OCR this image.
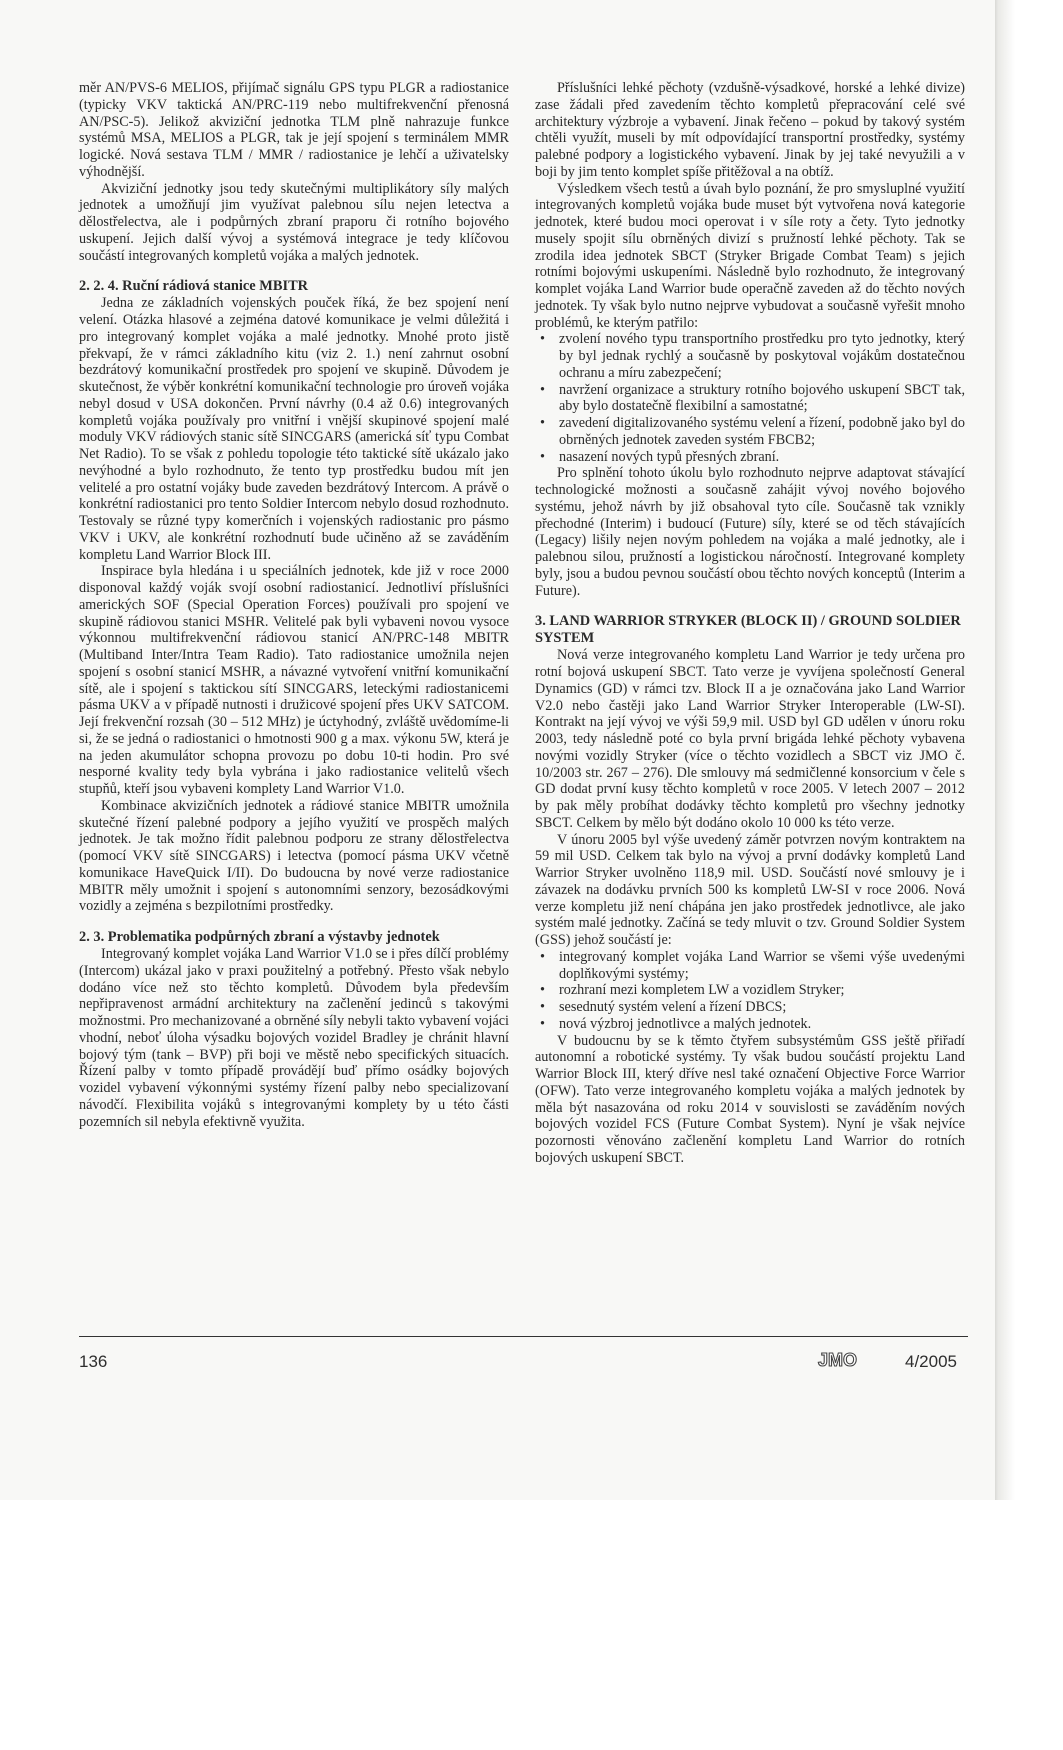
měr AN/PVS-6 MELIOS, přijímač signálu GPS typu PLGR a radiostanice (typicky VKV taktická AN/PRC-119 nebo multifrekvenční přenosná AN/PSC-5). Jelikož akviziční jednotka TLM plně nahrazuje funkce systémů MSA, MELIOS a PLGR, tak je její spojení s terminálem MMR logické. Nová sestava TLM / MMR / radiostanice je lehčí a uživatelsky výhodnější.

Akviziční jednotky jsou tedy skutečnými multiplikátory síly malých jednotek a umožňují jim využívat palebnou sílu nejen letectva a dělostřelectva, ale i podpůrných zbraní praporu či rotního bojového uskupení. Jejich další vývoj a systémová integrace je tedy klíčovou součástí integrovaných kompletů vojáka a malých jednotek.

2. 2. 4. Ruční rádiová stanice MBITR

Jedna ze základních vojenských pouček říká, že bez spojení není velení. Otázka hlasové a zejména datové komunikace je velmi důležitá i pro integrovaný komplet vojáka a malé jednotky. Mnohé proto jistě překvapí, že v rámci základního kitu (viz 2. 1.) není zahrnut osobní bezdrátový komunikační prostředek pro spojení ve skupině. Důvodem je skutečnost, že výběr konkrétní komunikační technologie pro úroveň vojáka nebyl dosud v USA dokončen. První návrhy (0.4 až 0.6) integrovaných kompletů vojáka používaly pro vnitřní i vnější skupinové spojení malé moduly VKV rádiových stanic sítě SINCGARS (americká síť typu Combat Net Radio). To se však z pohledu topologie této taktické sítě ukázalo jako nevýhodné a bylo rozhodnuto, že tento typ prostředku budou mít jen velitelé a pro ostatní vojáky bude zaveden bezdrátový Intercom. A právě o konkrétní radiostanici pro tento Soldier Intercom nebylo dosud rozhodnuto. Testovaly se různé typy komerčních i vojenských radiostanic pro pásmo VKV i UKV, ale konkrétní rozhodnutí bude učiněno až se zaváděním kompletu Land Warrior Block III.

Inspirace byla hledána i u speciálních jednotek, kde již v roce 2000 disponoval každý voják svojí osobní radiostanicí. Jednotliví příslušníci amerických SOF (Special Operation Forces) používali pro spojení ve skupině rádiovou stanici MSHR. Velitelé pak byli vybaveni novou vysoce výkonnou multifrekvenční rádiovou stanicí AN/PRC-148 MBITR (Multiband Inter/Intra Team Radio). Tato radiostanice umožnila nejen spojení s osobní stanicí MSHR, a návazné vytvoření vnitřní komunikační sítě, ale i spojení s taktickou sítí SINCGARS, leteckými radiostanicemi pásma UKV a v případě nutnosti i družicové spojení přes UKV SATCOM. Její frekvenční rozsah (30 – 512 MHz) je úctyhodný, zvláště uvědomíme-li si, že se jedná o radiostanici o hmotnosti 900 g a max. výkonu 5W, která je na jeden akumulátor schopna provozu po dobu 10-ti hodin. Pro své nesporné kvality tedy byla vybrána i jako radiostanice velitelů všech stupňů, kteří jsou vybaveni komplety Land Warrior V1.0.

Kombinace akvizičních jednotek a rádiové stanice MBITR umožnila skutečné řízení palebné podpory a jejího využití ve prospěch malých jednotek. Je tak možno řídit palebnou podporu ze strany dělostřelectva (pomocí VKV sítě SINCGARS) i letectva (pomocí pásma UKV včetně komunikace HaveQuick I/II). Do budoucna by nové verze radiostanice MBITR měly umožnit i spojení s autonomními senzory, bezosádkovými vozidly a zejména s bezpilotními prostředky.

2. 3. Problematika podpůrných zbraní a výstavby jednotek

Integrovaný komplet vojáka Land Warrior V1.0 se i přes dílčí problémy (Intercom) ukázal jako v praxi použitelný a potřebný. Přesto však nebylo dodáno více než sto těchto kompletů. Důvodem byla především nepřipravenost armádní architektury na začlenění jedinců s takovými možnostmi. Pro mechanizované a obrněné síly nebyli takto vybavení vojáci vhodní, neboť úloha výsadku bojových vozidel Bradley je chránit hlavní bojový tým (tank – BVP) při boji ve městě nebo specifických situacích. Řízení palby v tomto případě provádějí buď přímo osádky bojových vozidel vybavení výkonnými systémy řízení palby nebo specializovaní návodčí. Flexibilita vojáků s integrovanými komplety by u této části pozemních sil nebyla efektivně využita.

Příslušníci lehké pěchoty (vzdušně-výsadkové, horské a lehké divize) zase žádali před zavedením těchto kompletů přepracování celé své architektury výzbroje a vybavení. Jinak řečeno – pokud by takový systém chtěli využít, museli by mít odpovídající transportní prostředky, systémy palebné podpory a logistického vybavení. Jinak by jej také nevyužili a v boji by jim tento komplet spíše přitěžoval a na obtíž.

Výsledkem všech testů a úvah bylo poznání, že pro smysluplné využití integrovaných kompletů vojáka bude muset být vytvořena nová kategorie jednotek, které budou moci operovat i v síle roty a čety. Tyto jednotky musely spojit sílu obrněných divizí s pružností lehké pěchoty. Tak se zrodila idea jednotek SBCT (Stryker Brigade Combat Team) s jejich rotními bojovými uskupeními. Následně bylo rozhodnuto, že integrovaný komplet vojáka Land Warrior bude operačně zaveden až do těchto nových jednotek. Ty však bylo nutno nejprve vybudovat a současně vyřešit mnoho problémů, ke kterým patřilo:

• zvolení nového typu transportního prostředku pro tyto jednotky, který by byl jednak rychlý a současně by poskytoval vojákům dostatečnou ochranu a míru zabezpečení;
• navržení organizace a struktury rotního bojového uskupení SBCT tak, aby bylo dostatečně flexibilní a samostatné;
• zavedení digitalizovaného systému velení a řízení, podobně jako byl do obrněných jednotek zaveden systém FBCB2;
• nasazení nových typů přesných zbraní.

Pro splnění tohoto úkolu bylo rozhodnuto nejprve adaptovat stávající technologické možnosti a současně zahájit vývoj nového bojového systému, jehož návrh by již obsahoval tyto cíle. Současně tak vznikly přechodné (Interim) i budoucí (Future) síly, které se od těch stávajících (Legacy) lišily nejen novým pohledem na vojáka a malé jednotky, ale i palebnou silou, pružností a logistickou náročností. Integrované komplety byly, jsou a budou pevnou součástí obou těchto nových konceptů (Interim a Future).

3. LAND WARRIOR STRYKER (BLOCK II) / GROUND SOLDIER SYSTEM

Nová verze integrovaného kompletu Land Warrior je tedy určena pro rotní bojová uskupení SBCT. Tato verze je vyvíjena společností General Dynamics (GD) v rámci tzv. Block II a je označována jako Land Warrior V2.0 nebo častěji jako Land Warrior Stryker Interoperable (LW-SI). Kontrakt na její vývoj ve výši 59,9 mil. USD byl GD udělen v únoru roku 2003, tedy následně poté co byla první brigáda lehké pěchoty vybavena novými vozidly Stryker (více o těchto vozidlech a SBCT viz JMO č. 10/2003 str. 267 – 276). Dle smlouvy má sedmičlenné konsorcium v čele s GD dodat první kusy těchto kompletů v roce 2005. V letech 2007 – 2012 by pak měly probíhat dodávky těchto kompletů pro všechny jednotky SBCT. Celkem by mělo být dodáno okolo 10 000 ks této verze.

V únoru 2005 byl výše uvedený záměr potvrzen novým kontraktem na 59 mil USD. Celkem tak bylo na vývoj a první dodávky kompletů Land Warrior Stryker uvolněno 118,9 mil. USD. Součástí nové smlouvy je i závazek na dodávku prvních 500 ks kompletů LW-SI v roce 2006. Nová verze kompletu již není chápána jen jako prostředek jednotlivce, ale jako systém malé jednotky. Začíná se tedy mluvit o tzv. Ground Soldier System (GSS) jehož součástí je:

• integrovaný komplet vojáka Land Warrior se všemi výše uvedenými doplňkovými systémy;
• rozhraní mezi kompletem LW a vozidlem Stryker;
• sesednutý systém velení a řízení DBCS;
• nová výzbroj jednotlivce a malých jednotek.

V budoucnu by se k těmto čtyřem subsystémům GSS ještě přiřadí autonomní a robotické systémy. Ty však budou součástí projektu Land Warrior Block III, který dříve nesl také označení Objective Force Warrior (OFW). Tato verze integrovaného kompletu vojáka a malých jednotek by měla být nasazována od roku 2014 v souvislosti se zaváděním nových bojových vozidel FCS (Future Combat System). Nyní je však nejvíce pozornosti věnováno začlenění kompletu Land Warrior do rotních bojových uskupení SBCT.

136	JMO	4/2005
